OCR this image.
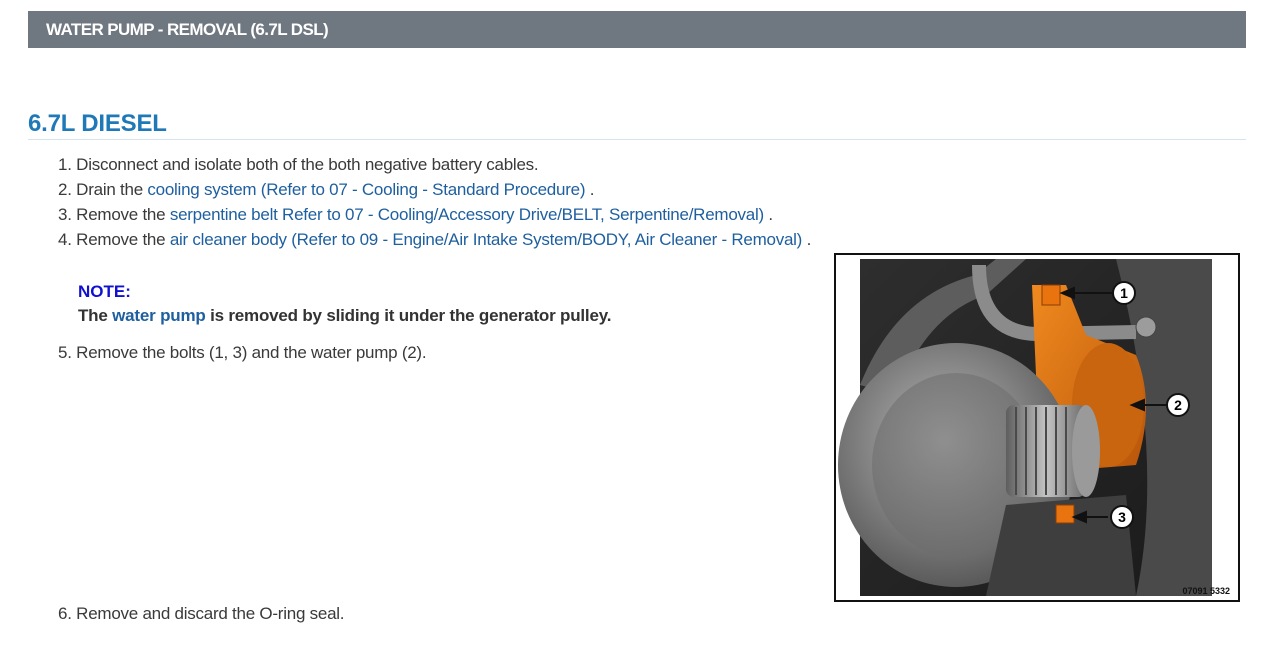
WATER PUMP - REMOVAL (6.7L DSL)
6.7L DIESEL
1. Disconnect and isolate both of the both negative battery cables.
2. Drain the cooling system (Refer to 07 - Cooling - Standard Procedure) .
3. Remove the serpentine belt Refer to 07 - Cooling/Accessory Drive/BELT, Serpentine/Removal) .
4. Remove the air cleaner body (Refer to 09 - Engine/Air Intake System/BODY, Air Cleaner - Removal) .
NOTE:
The water pump is removed by sliding it under the generator pulley.
5. Remove the bolts (1, 3) and the water pump (2).
6. Remove and discard the O-ring seal.
1
2
3
07091 5332
